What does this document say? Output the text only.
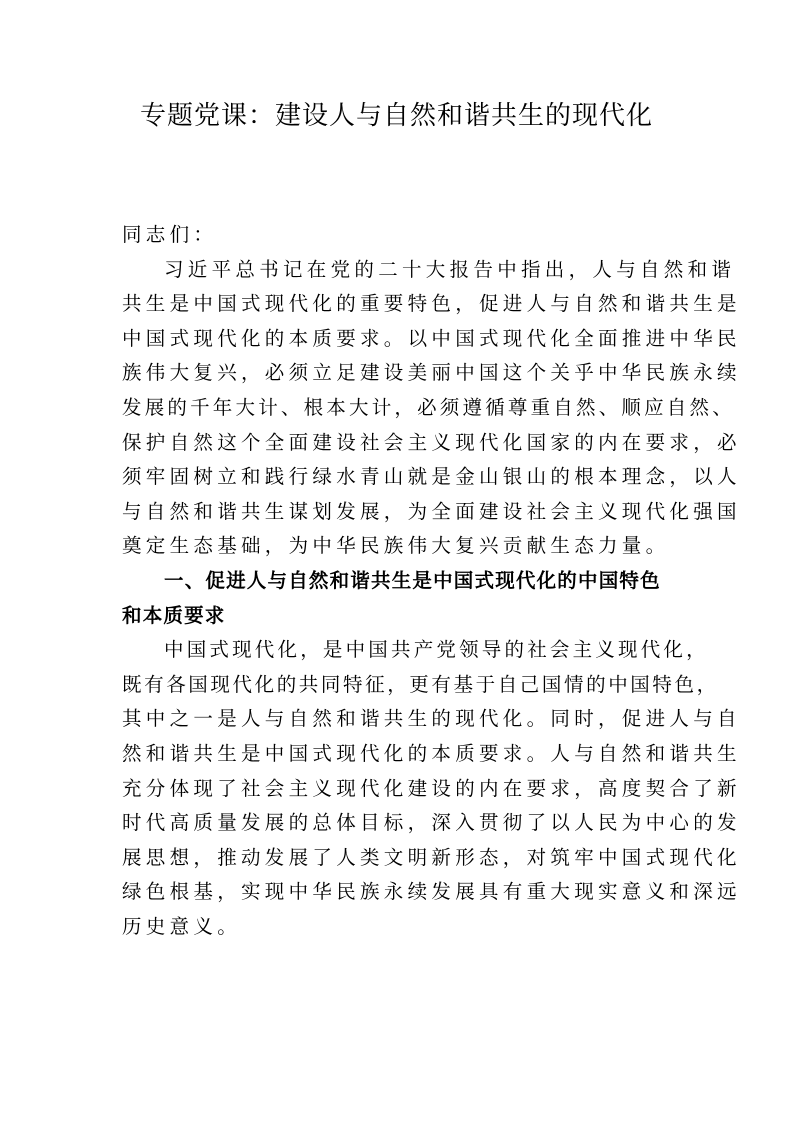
专题党课：建设人与自然和谐共生的现代化
同志们：
习近平总书记在党的二十大报告中指出，人与自然和谐
共生是中国式现代化的重要特色，促进人与自然和谐共生是
中国式现代化的本质要求。以中国式现代化全面推进中华民
族伟大复兴，必须立足建设美丽中国这个关乎中华民族永续
发展的千年大计、根本大计，必须遵循尊重自然、顺应自然、
保护自然这个全面建设社会主义现代化国家的内在要求，必
须牢固树立和践行绿水青山就是金山银山的根本理念，以人
与自然和谐共生谋划发展，为全面建设社会主义现代化强国
奠定生态基础，为中华民族伟大复兴贡献生态力量。
一、促进人与自然和谐共生是中国式现代化的中国特色
和本质要求
中国式现代化，是中国共产党领导的社会主义现代化，
既有各国现代化的共同特征，更有基于自己国情的中国特色，
其中之一是人与自然和谐共生的现代化。同时，促进人与自
然和谐共生是中国式现代化的本质要求。人与自然和谐共生
充分体现了社会主义现代化建设的内在要求，高度契合了新
时代高质量发展的总体目标，深入贯彻了以人民为中心的发
展思想，推动发展了人类文明新形态，对筑牢中国式现代化
绿色根基，实现中华民族永续发展具有重大现实意义和深远
历史意义。
